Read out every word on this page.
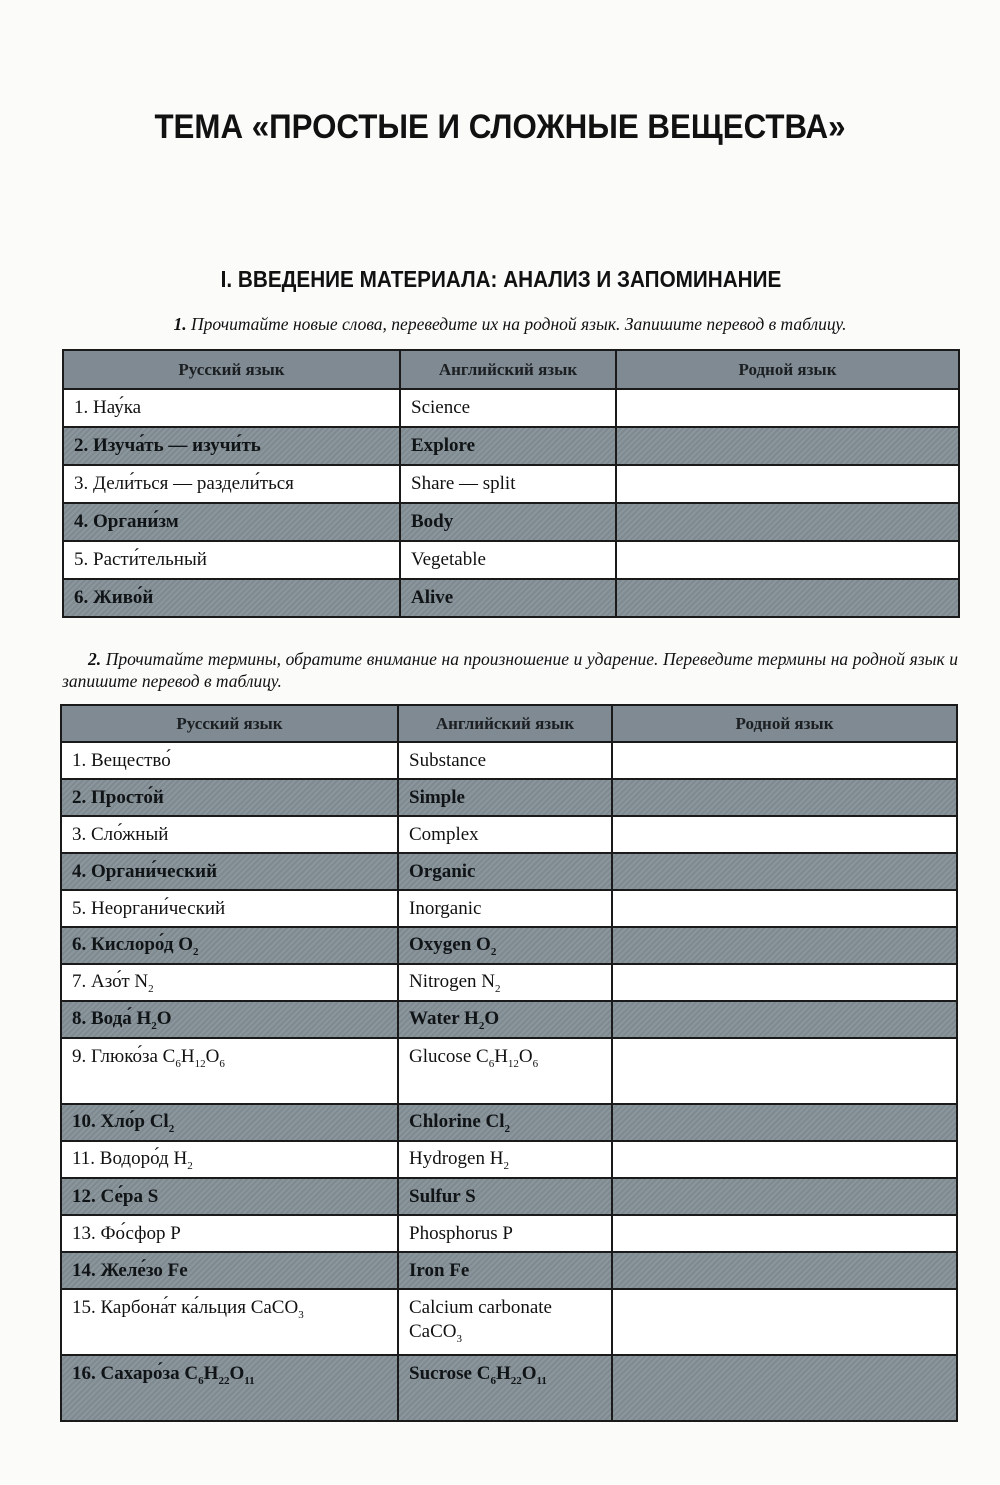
ТЕМА «ПРОСТЫЕ И СЛОЖНЫЕ ВЕЩЕСТВА»
I. ВВЕДЕНИЕ МАТЕРИАЛА: АНАЛИЗ И ЗАПОМИНАНИЕ
1. Прочитайте новые слова, переведите их на родной язык. Запишите перевод в таблицу.
Русский язык	Английский язык	Родной язык
1. Нау́ка	Science	
2. Изуча́ть — изучи́ть	Explore	
3. Дели́ться — раздели́ться	Share — split	
4. Органи́зм	Body	
5. Расти́тельный	Vegetable	
6. Живо́й	Alive	
2. Прочитайте термины, обратите внимание на произношение и ударение. Переведите термины на родной язык и запишите перевод в таблицу.
Русский язык	Английский язык	Родной язык
1. Вещество́	Substance	
2. Просто́й	Simple	
3. Сло́жный	Complex	
4. Органи́ческий	Organic	
5. Неоргани́ческий	Inorganic	
6. Кислоро́д $O_2$	Oxygen $O_2$	
7. Азо́т $N_2$	Nitrogen $N_2$	
8. Вода́ $H_2O$	Water $H_2O$	
9. Глюко́за $C_6H_{12}O_6$	Glucose $C_6H_{12}O_6$	
10. Хло́р $Cl_2$	Chlorine $Cl_2$	
11. Водоро́д $H_2$	Hydrogen $H_2$	
12. Се́ра S	Sulfur S	
13. Фо́сфор P	Phosphorus P	
14. Желе́зо Fe	Iron Fe	
15. Карбона́т ка́льция CaCO$_3$	Calcium carbonate CaCO$_3$	
16. Сахаро́за $C_6H_{22}O_{11}$	Sucrose $C_6H_{22}O_{11}$	
